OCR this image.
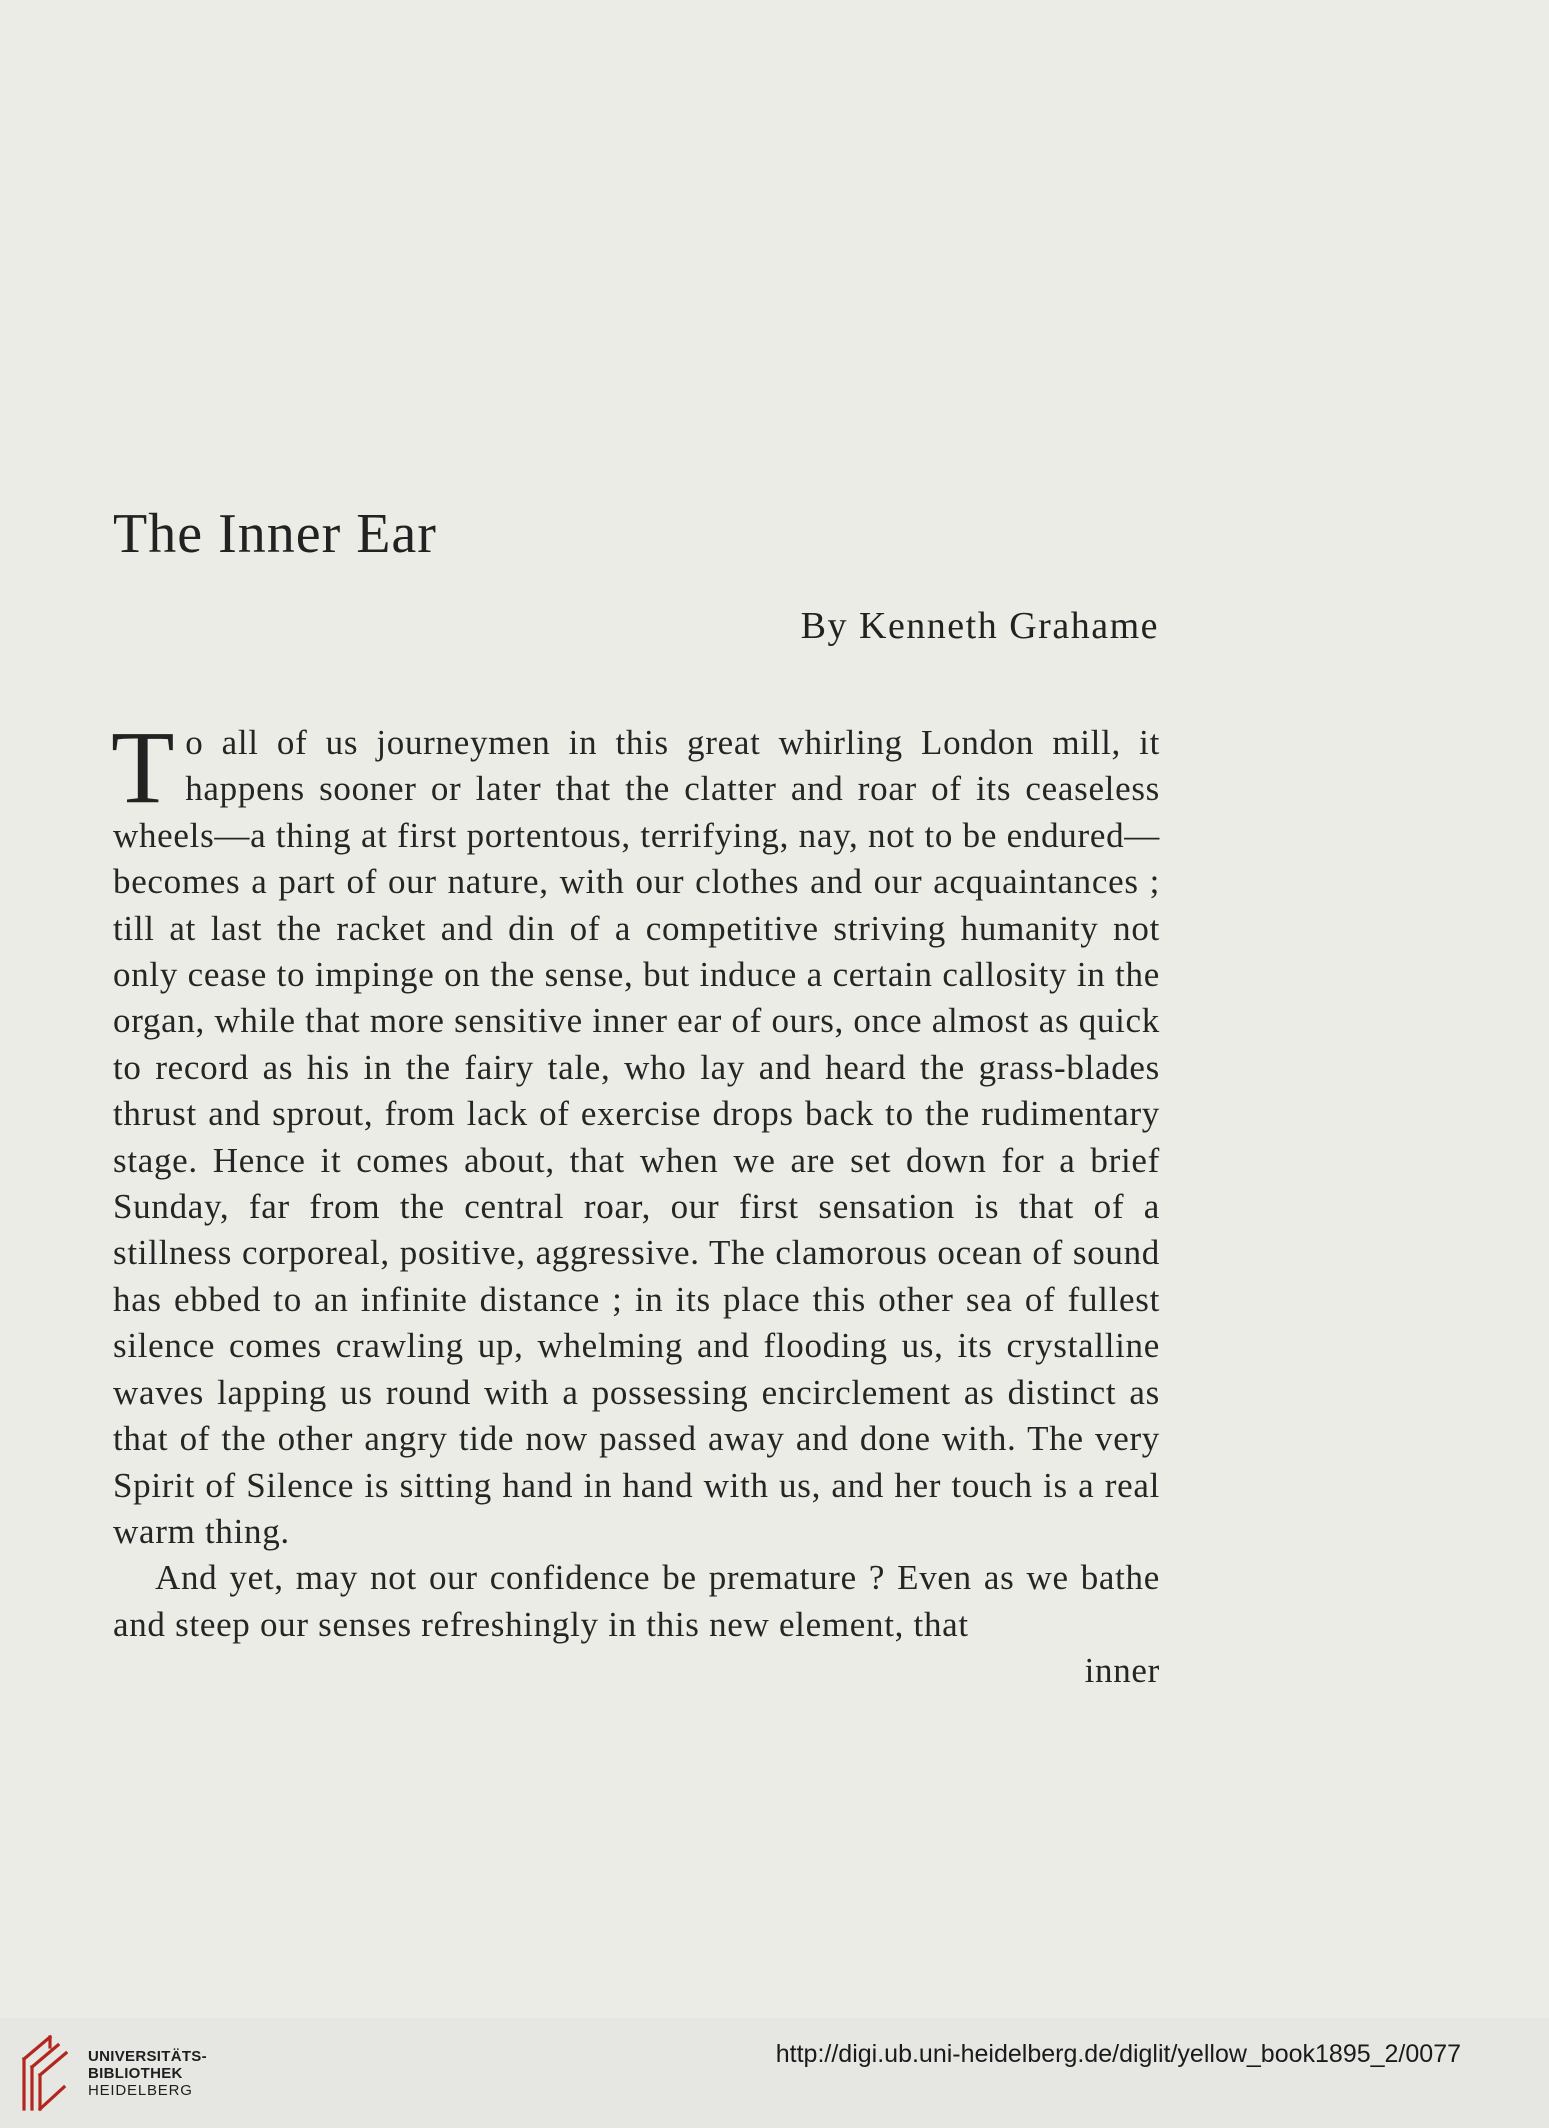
The Inner Ear

By Kenneth Grahame

To all of us journeymen in this great whirling London mill, it happens sooner or later that the clatter and roar of its ceaseless wheels—a thing at first portentous, terrifying, nay, not to be endured—becomes a part of our nature, with our clothes and our acquaintances ; till at last the racket and din of a competitive striving humanity not only cease to impinge on the sense, but induce a certain callosity in the organ, while that more sensitive inner ear of ours, once almost as quick to record as his in the fairy tale, who lay and heard the grass-blades thrust and sprout, from lack of exercise drops back to the rudimentary stage. Hence it comes about, that when we are set down for a brief Sunday, far from the central roar, our first sensation is that of a stillness corporeal, positive, aggressive. The clamorous ocean of sound has ebbed to an infinite distance ; in its place this other sea of fullest silence comes crawling up, whelming and flooding us, its crystalline waves lapping us round with a possessing encirclement as distinct as that of the other angry tide now passed away and done with. The very Spirit of Silence is sitting hand in hand with us, and her touch is a real warm thing.

And yet, may not our confidence be premature ? Even as we bathe and steep our senses refreshingly in this new element, that

inner

UNIVERSITÄTS-
BIBLIOTHEK
HEIDELBERG
http://digi.ub.uni-heidelberg.de/diglit/yellow_book1895_2/0077
